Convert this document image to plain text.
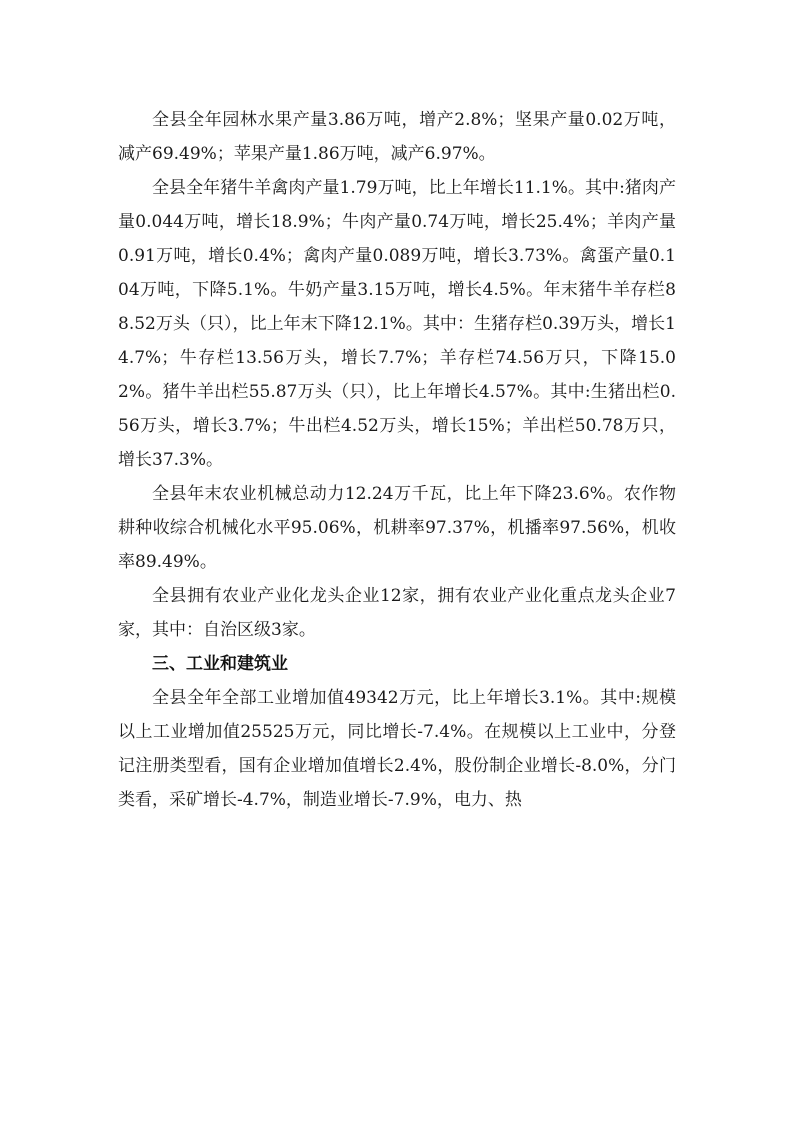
全县全年园林水果产量3.86万吨，增产2.8%；坚果产量0.02万吨，减产69.49%；苹果产量1.86万吨，减产6.97%。

全县全年猪牛羊禽肉产量1.79万吨，比上年增长11.1%。其中:猪肉产量0.044万吨，增长18.9%；牛肉产量0.74万吨，增长25.4%；羊肉产量0.91万吨，增长0.4%；禽肉产量0.089万吨，增长3.73%。禽蛋产量0.104万吨，下降5.1%。牛奶产量3.15万吨，增长4.5%。年末猪牛羊存栏88.52万头（只），比上年末下降12.1%。其中：生猪存栏0.39万头，增长14.7%；牛存栏13.56万头，增长7.7%；羊存栏74.56万只，下降15.02%。猪牛羊出栏55.87万头（只），比上年增长4.57%。其中:生猪出栏0.56万头，增长3.7%；牛出栏4.52万头，增长15%；羊出栏50.78万只，增长37.3%。

全县年末农业机械总动力12.24万千瓦，比上年下降23.6%。农作物耕种收综合机械化水平95.06%，机耕率97.37%，机播率97.56%，机收率89.49%。

全县拥有农业产业化龙头企业12家，拥有农业产业化重点龙头企业7家，其中：自治区级3家。

三、工业和建筑业

全县全年全部工业增加值49342万元，比上年增长3.1%。其中:规模以上工业增加值25525万元，同比增长-7.4%。在规模以上工业中，分登记注册类型看，国有企业增加值增长2.4%，股份制企业增长-8.0%，分门类看，采矿增长-4.7%，制造业增长-7.9%，电力、热
